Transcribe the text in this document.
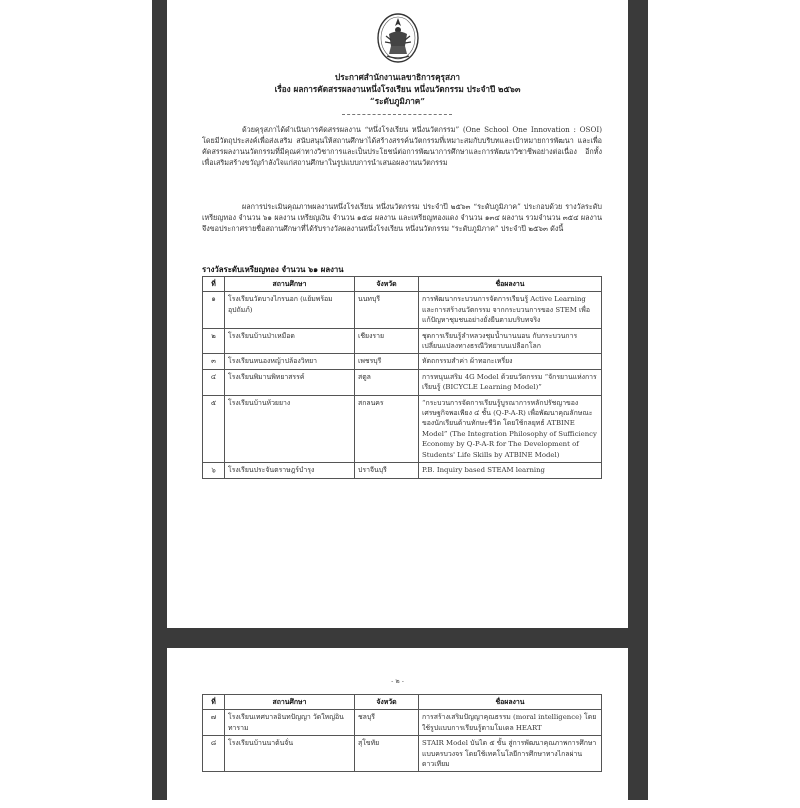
ประกาศสำนักงานเลขาธิการคุรุสภา
เรื่อง ผลการคัดสรรผลงานหนึ่งโรงเรียน หนึ่งนวัตกรรม ประจำปี ๒๕๖๓
“ระดับภูมิภาค”

ด้วยคุรุสภาได้ดำเนินการคัดสรรผลงาน “หนึ่งโรงเรียน หนึ่งนวัตกรรม” (One School One Innovation : OSOI) โดยมีวัตถุประสงค์เพื่อส่งเสริม สนับสนุนให้สถานศึกษาได้สร้างสรรค์นวัตกรรมที่เหมาะสมกับบริบทและเป้าหมายการพัฒนา และเพื่อคัดสรรผลงานนวัตกรรมที่มีคุณค่าทางวิชาการและเป็นประโยชน์ต่อการพัฒนาการศึกษาและการพัฒนาวิชาชีพอย่างต่อเนื่อง อีกทั้งเพื่อเสริมสร้างขวัญกำลังใจแก่สถานศึกษาในรูปแบบการนำเสนอผลงานนวัตกรรม

ผลการประเมินคุณภาพผลงานหนึ่งโรงเรียน หนึ่งนวัตกรรม ประจำปี ๒๕๖๓ “ระดับภูมิภาค” ประกอบด้วย รางวัลระดับเหรียญทอง จำนวน ๖๑ ผลงาน เหรียญเงิน จำนวน ๑๕๘ ผลงาน และเหรียญทองแดง จำนวน ๑๓๔ ผลงาน รวมจำนวน ๓๕๔ ผลงาน จึงขอประกาศรายชื่อสถานศึกษาที่ได้รับรางวัลผลงานหนึ่งโรงเรียน หนึ่งนวัตกรรม “ระดับภูมิภาค” ประจำปี ๒๕๖๓ ดังนี้

รางวัลระดับเหรียญทอง จำนวน ๖๑ ผลงาน
ที่	สถานศึกษา	จังหวัด	ชื่อผลงาน
๑	โรงเรียนวัดบางไกรนอก (แย้มพร้อมอุปถัมภ์)	นนทบุรี	การพัฒนากระบวนการจัดการเรียนรู้ Active Learning และการสร้างนวัตกรรม จากกระบวนการของ STEM เพื่อแก้ปัญหาชุมชนอย่างยั่งยืนตามบริบทจริง
๒	โรงเรียนบ้านป่าเหมือด	เชียงราย	ชุดการเรียนรู้ลำหลวงชุมน้ำนานนอน กับกระบวนการเปลี่ยนแปลงทางธรณีวิทยาบนเปลือกโลก
๓	โรงเรียนหนองหญ้าปล้องวิทยา	เพชรบุรี	หัตถกรรมสำค่า ผ้าทอกะเหรี่ยง
๔	โรงเรียนพิมานพิทยาสรรค์	สตูล	การหนุนเสริม 4G Model ด้วยนวัตกรรม “จักรยานแห่งการเรียนรู้ (BICYCLE Learning Model)”
๕	โรงเรียนบ้านห้วยยาง	สกลนคร	“กระบวนการจัดการเรียนรู้บูรณาการหลักปรัชญาของเศรษฐกิจพอเพียง ๔ ชั้น (Q-P-A-R) เพื่อพัฒนาคุณลักษณะของนักเรียนด้านทักษะชีวิต โดยใช้กลยุทธ์ ATBINE Model” (The Integration Philosophy of Sufficiency Economy by Q-P-A-R for The Development of Students' Life Skills by ATBINE Model)
๖	โรงเรียนประจันตราษฎร์บำรุง	ปราจีนบุรี	P.B. Inquiry based STEAM learning
- ๒ -
ที่	สถานศึกษา	จังหวัด	ชื่อผลงาน
๗	โรงเรียนเทศบาลอินทปัญญา วัดใหญ่อินทาราม	ชลบุรี	การสร้างเสริมปัญญาคุณธรรม (moral intelligence) โดยใช้รูปแบบการเรียนรู้ตามโมเดล HEART
๘	โรงเรียนบ้านนาต้นจั่น	สุโขทัย	STAIR Model บันได ๕ ขั้น สู่การพัฒนาคุณภาพการศึกษาแบบครบวงจร โดยใช้เทคโนโลยีการศึกษาทางไกลผ่านดาวเทียม
